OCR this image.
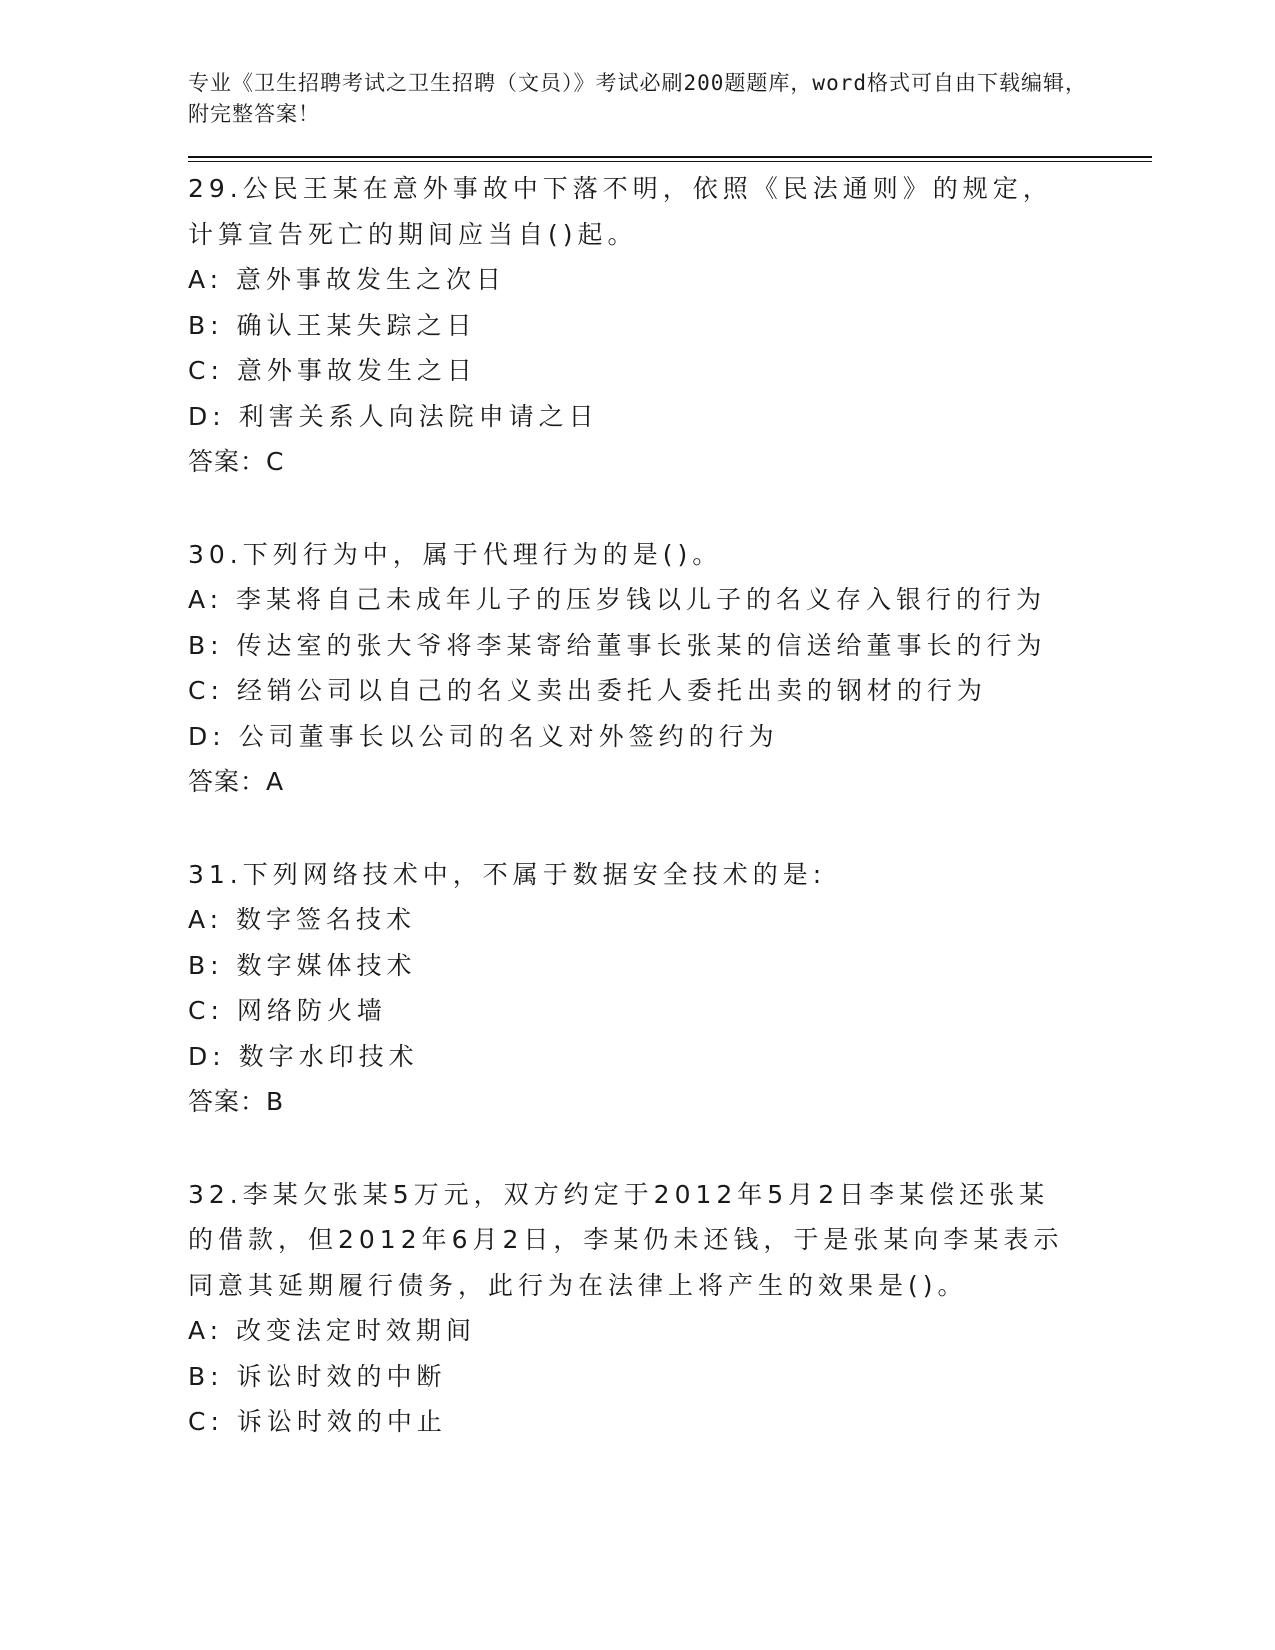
专业《卫生招聘考试之卫生招聘（文员）》考试必刷200题题库，word格式可自由下载编辑，附完整答案！
29.公民王某在意外事故中下落不明，依照《民法通则》的规定，计算宣告死亡的期间应当自()起。
A: 意外事故发生之次日
B: 确认王某失踪之日
C: 意外事故发生之日
D: 利害关系人向法院申请之日
答案：C
30.下列行为中，属于代理行为的是()。
A: 李某将自己未成年儿子的压岁钱以儿子的名义存入银行的行为
B: 传达室的张大爷将李某寄给董事长张某的信送给董事长的行为
C: 经销公司以自己的名义卖出委托人委托出卖的钢材的行为
D: 公司董事长以公司的名义对外签约的行为
答案：A
31.下列网络技术中，不属于数据安全技术的是:
A: 数字签名技术
B: 数字媒体技术
C: 网络防火墙
D: 数字水印技术
答案：B
32.李某欠张某5万元，双方约定于2012年5月2日李某偿还张某的借款，但2012年6月2日，李某仍未还钱，于是张某向李某表示同意其延期履行债务，此行为在法律上将产生的效果是()。
A: 改变法定时效期间
B: 诉讼时效的中断
C: 诉讼时效的中止
